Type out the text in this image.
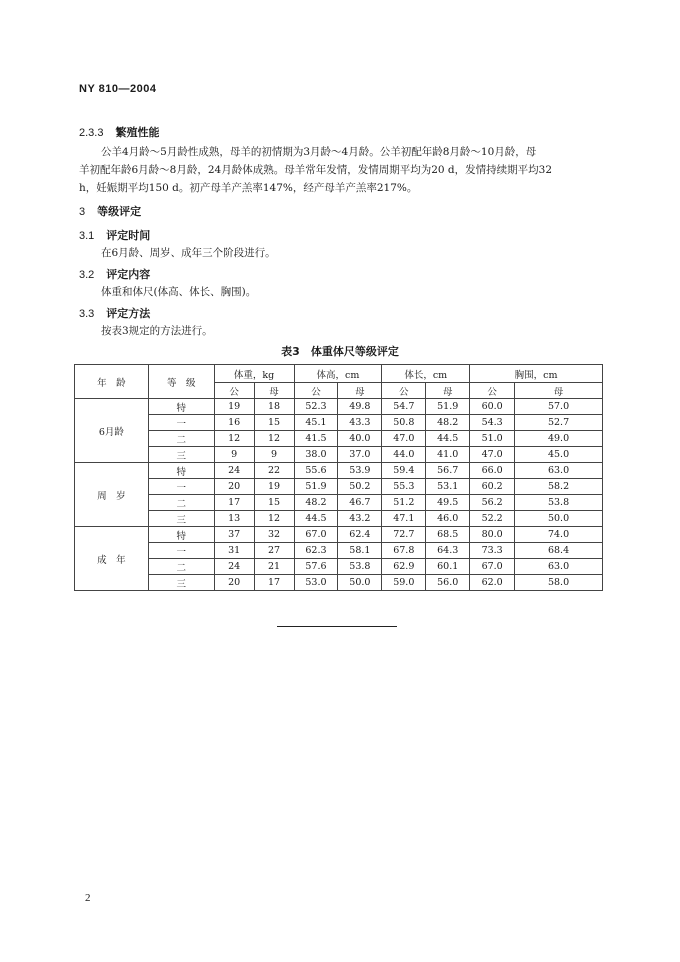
NY 810—2004
2.3.3 繁殖性能
公羊4月龄～5月龄性成熟，母羊的初情期为3月龄～4月龄。公羊初配年龄8月龄～10月龄，母
羊初配年龄6月龄～8月龄，24月龄体成熟。母羊常年发情，发情周期平均为20 d，发情持续期平均32
h，妊娠期平均150 d。初产母羊产羔率147%，经产母羊产羔率217%。
3 等级评定
3.1 评定时间
在6月龄、周岁、成年三个阶段进行。
3.2 评定内容
体重和体尺(体高、体长、胸围)。
3.3 评定方法
按表3规定的方法进行。
表3　体重体尺等级评定
年　龄	等　级	体重，kg		体高，cm		体长，cm		胸围，cm	
		公	母	公	母	公	母	公	母
6月龄	特	19	18	52.3	49.8	54.7	51.9	60.0	57.0
	一	16	15	45.1	43.3	50.8	48.2	54.3	52.7
	二	12	12	41.5	40.0	47.0	44.5	51.0	49.0
	三	9	9	38.0	37.0	44.0	41.0	47.0	45.0
周　岁	特	24	22	55.6	53.9	59.4	56.7	66.0	63.0
	一	20	19	51.9	50.2	55.3	53.1	60.2	58.2
	二	17	15	48.2	46.7	51.2	49.5	56.2	53.8
	三	13	12	44.5	43.2	47.1	46.0	52.2	50.0
成　年	特	37	32	67.0	62.4	72.7	68.5	80.0	74.0
	一	31	27	62.3	58.1	67.8	64.3	73.3	68.4
	二	24	21	57.6	53.8	62.9	60.1	67.0	63.0
	三	20	17	53.0	50.0	59.0	56.0	62.0	58.0
2
